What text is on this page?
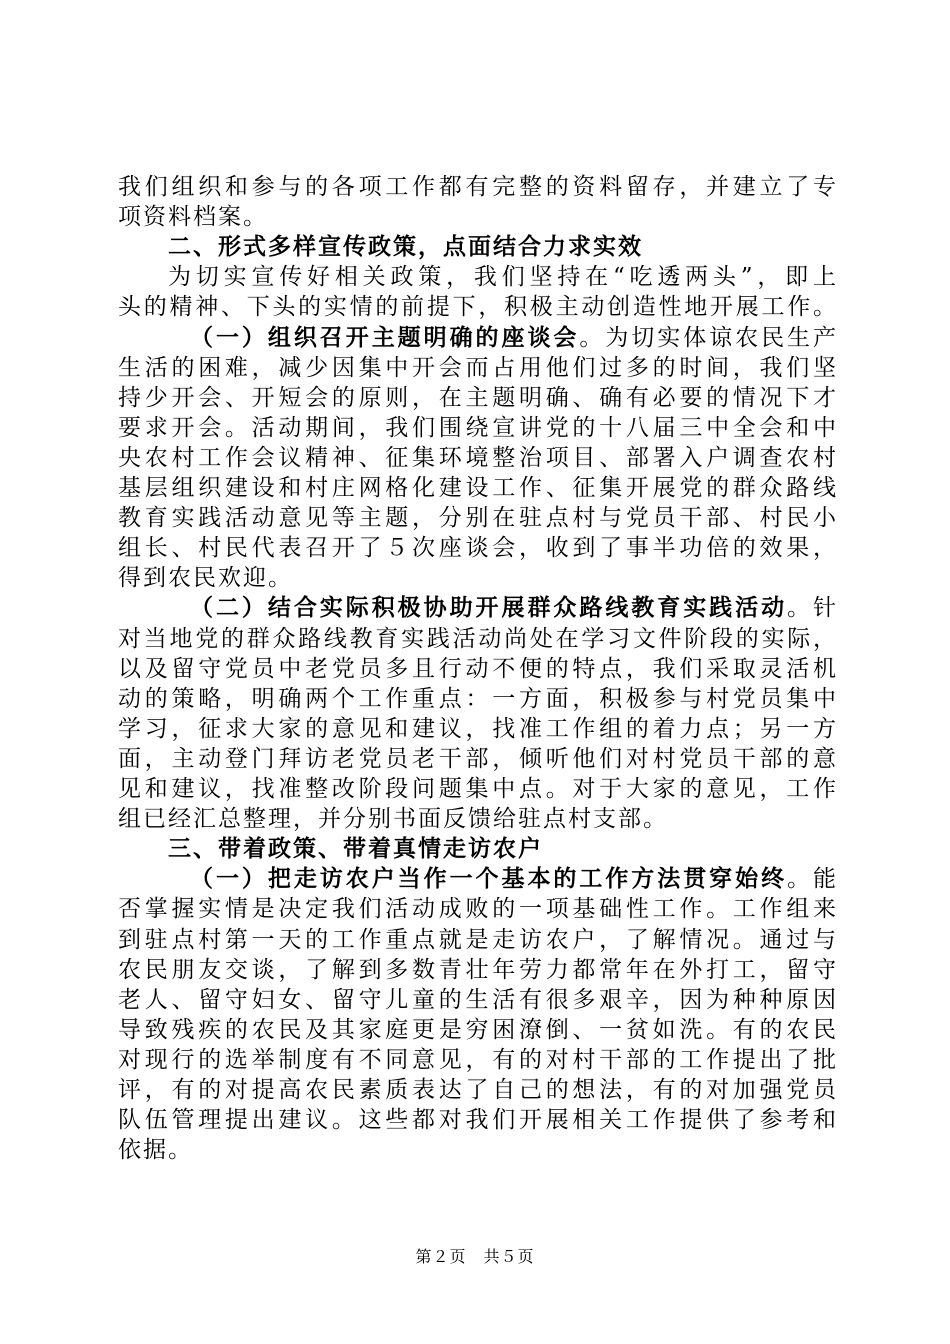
我们组织和参与的各项工作都有完整的资料留存，并建立了专
项资料档案。
二、形式多样宣传政策，点面结合力求实效
为切实宣传好相关政策，我们坚持在“吃透两头”，即上
头的精神、下头的实情的前提下，积极主动创造性地开展工作。
（一）组织召开主题明确的座谈会。为切实体谅农民生产
生活的困难，减少因集中开会而占用他们过多的时间，我们坚
持少开会、开短会的原则，在主题明确、确有必要的情况下才
要求开会。活动期间，我们围绕宣讲党的十八届三中全会和中
央农村工作会议精神、征集环境整治项目、部署入户调查农村
基层组织建设和村庄网格化建设工作、征集开展党的群众路线
教育实践活动意见等主题，分别在驻点村与党员干部、村民小
组长、村民代表召开了５次座谈会，收到了事半功倍的效果，
得到农民欢迎。
（二）结合实际积极协助开展群众路线教育实践活动。针
对当地党的群众路线教育实践活动尚处在学习文件阶段的实际，
以及留守党员中老党员多且行动不便的特点，我们采取灵活机
动的策略，明确两个工作重点：一方面，积极参与村党员集中
学习，征求大家的意见和建议，找准工作组的着力点；另一方
面，主动登门拜访老党员老干部，倾听他们对村党员干部的意
见和建议，找准整改阶段问题集中点。对于大家的意见，工作
组已经汇总整理，并分别书面反馈给驻点村支部。
三、带着政策、带着真情走访农户
（一）把走访农户当作一个基本的工作方法贯穿始终。能
否掌握实情是决定我们活动成败的一项基础性工作。工作组来
到驻点村第一天的工作重点就是走访农户，了解情况。通过与
农民朋友交谈，了解到多数青壮年劳力都常年在外打工，留守
老人、留守妇女、留守儿童的生活有很多艰辛，因为种种原因
导致残疾的农民及其家庭更是穷困潦倒、一贫如洗。有的农民
对现行的选举制度有不同意见，有的对村干部的工作提出了批
评，有的对提高农民素质表达了自己的想法，有的对加强党员
队伍管理提出建议。这些都对我们开展相关工作提供了参考和
依据。
第２页　共５页
